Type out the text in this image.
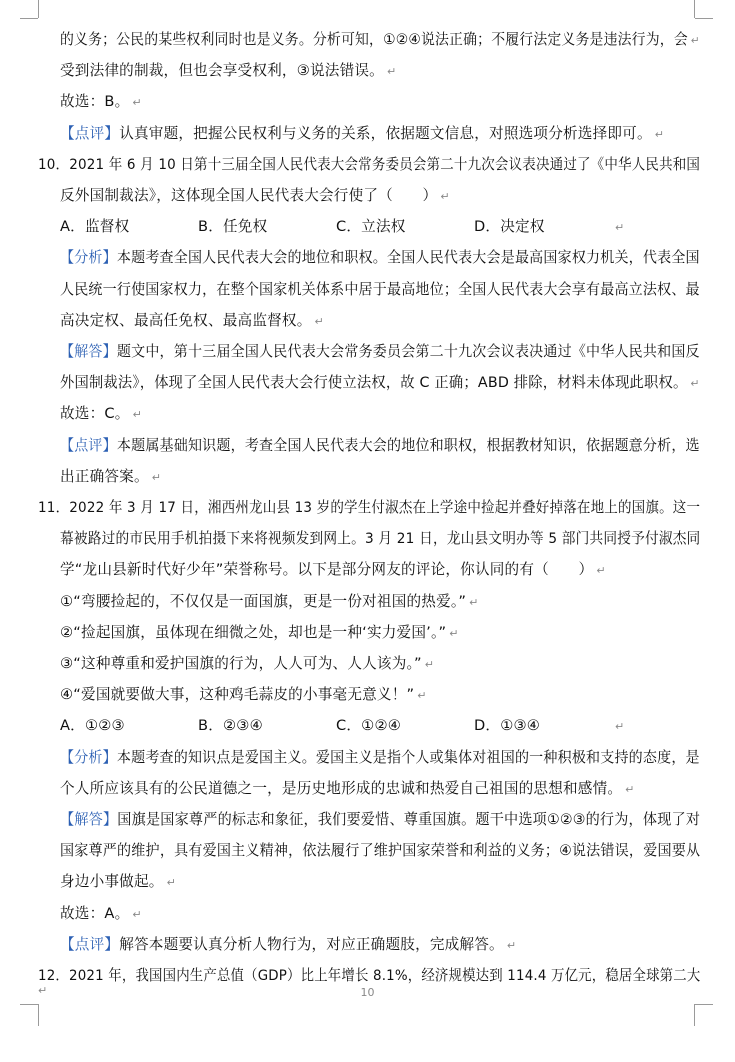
的义务；公民的某些权利同时也是义务。分析可知，①②④说法正确；不履行法定义务是违法行为，会 ↵
受到法律的制裁，但也会享受权利，③说法错误。 ↵
故选：B。 ↵
【点评】认真审题，把握公民权利与义务的关系，依据题文信息，对照选项分析选择即可。 ↵
10．2021 年 6 月 10 日第十三届全国人民代表大会常务委员会第二十九次会议表决通过了《中华人民共和国
反外国制裁法》，这体现全国人民代表大会行使了（　　） ↵
A．监督权	B．任免权	C．立法权	D．决定权	↵
【分析】本题考查全国人民代表大会的地位和职权。全国人民代表大会是最高国家权力机关，代表全国
人民统一行使国家权力，在整个国家机关体系中居于最高地位；全国人民代表大会享有最高立法权、最
高决定权、最高任免权、最高监督权。 ↵
【解答】题文中，第十三届全国人民代表大会常务委员会第二十九次会议表决通过《中华人民共和国反
外国制裁法》，体现了全国人民代表大会行使立法权，故 C 正确；ABD 排除，材料未体现此职权。 ↵
故选：C。 ↵
【点评】本题属基础知识题，考查全国人民代表大会的地位和职权，根据教材知识，依据题意分析，选
出正确答案。 ↵
11．2022 年 3 月 17 日，湘西州龙山县 13 岁的学生付淑杰在上学途中捡起并叠好掉落在地上的国旗。这一
幕被路过的市民用手机拍摄下来将视频发到网上。3 月 21 日，龙山县文明办等 5 部门共同授予付淑杰同
学“龙山县新时代好少年”荣誉称号。以下是部分网友的评论，你认同的有（　　） ↵
①“弯腰捡起的，不仅仅是一面国旗，更是一份对祖国的热爱。” ↵
②“捡起国旗，虽体现在细微之处，却也是一种‘实力爱国’。” ↵
③“这种尊重和爱护国旗的行为，人人可为、人人该为。” ↵
④“爱国就要做大事，这种鸡毛蒜皮的小事毫无意义！” ↵
A．①②③	B．②③④	C．①②④	D．①③④	↵
【分析】本题考查的知识点是爱国主义。爱国主义是指个人或集体对祖国的一种积极和支持的态度，是
个人所应该具有的公民道德之一，是历史地形成的忠诚和热爱自己祖国的思想和感情。 ↵
【解答】国旗是国家尊严的标志和象征，我们要爱惜、尊重国旗。题干中选项①②③的行为，体现了对
国家尊严的维护，具有爱国主义精神，依法履行了维护国家荣誉和利益的义务；④说法错误，爱国要从
身边小事做起。 ↵
故选：A。 ↵
【点评】解答本题要认真分析人物行为，对应正确题肢，完成解答。 ↵
12．2021 年，我国国内生产总值（GDP）比上年增长 8.1%，经济规模达到 114.4 万亿元，稳居全球第二大
↵	10
